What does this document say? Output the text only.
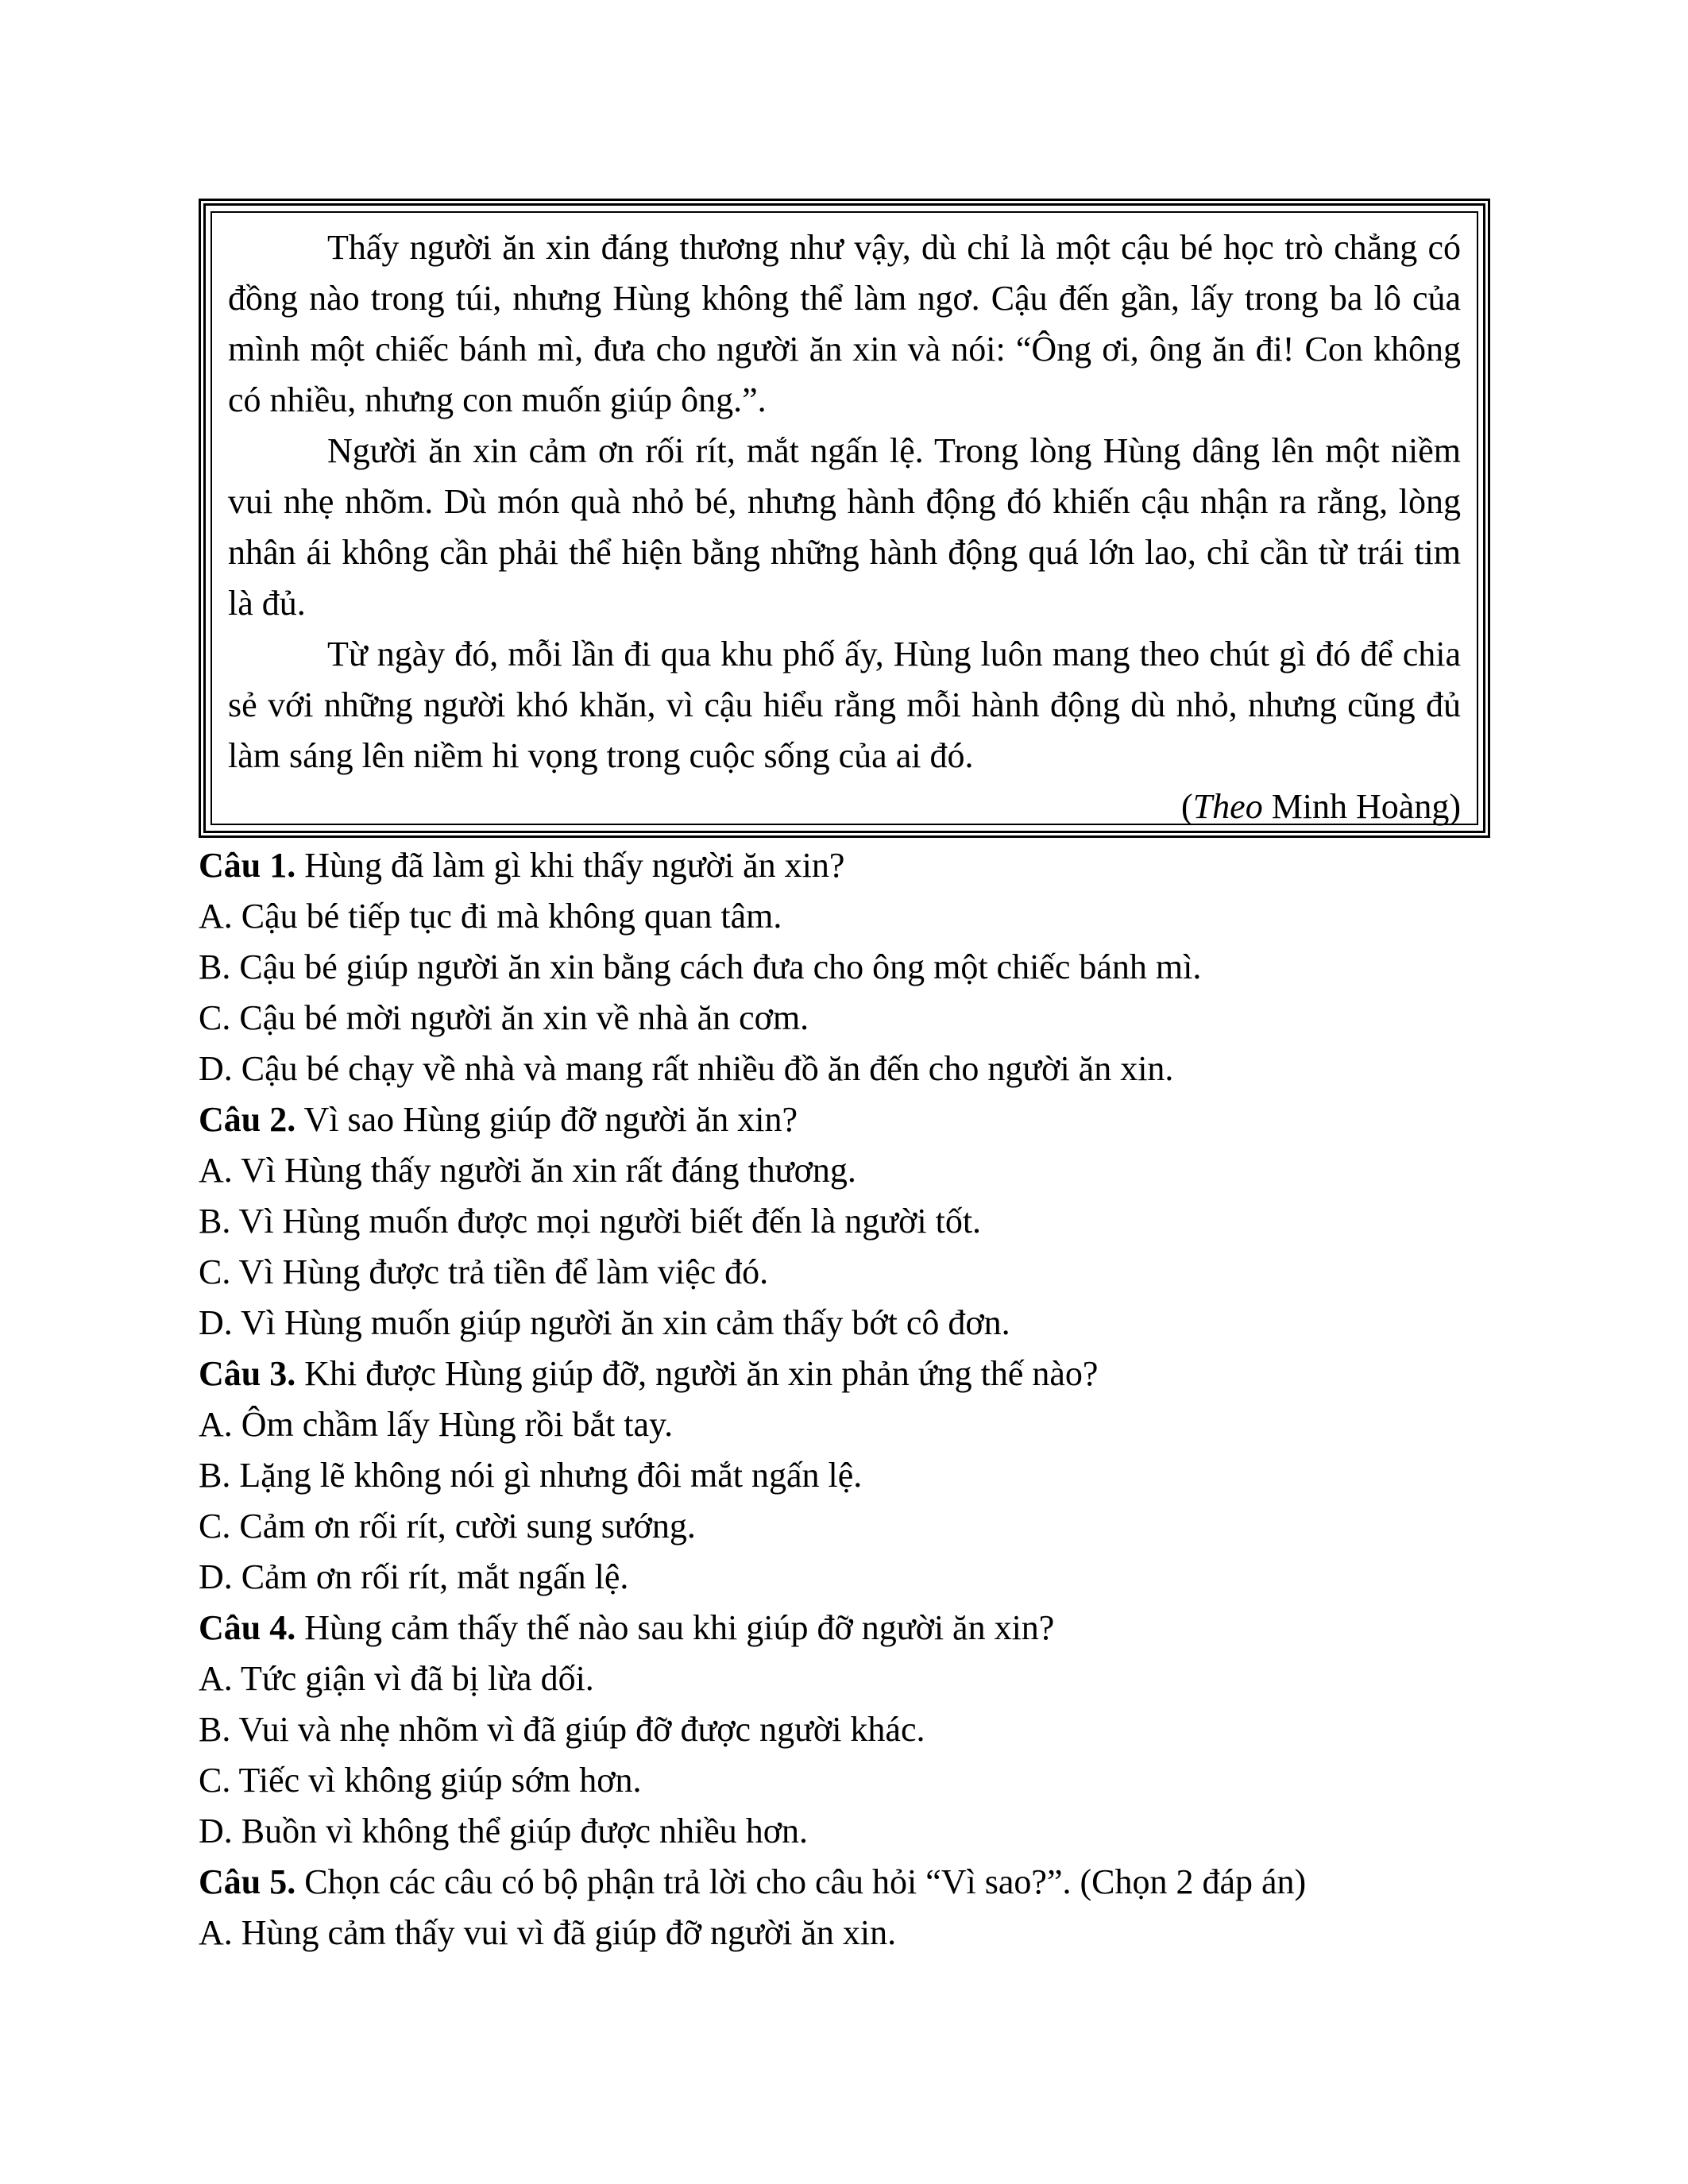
Thấy người ăn xin đáng thương như vậy, dù chỉ là một cậu bé học trò chẳng có đồng nào trong túi, nhưng Hùng không thể làm ngơ. Cậu đến gần, lấy trong ba lô của mình một chiếc bánh mì, đưa cho người ăn xin và nói: “Ông ơi, ông ăn đi! Con không có nhiều, nhưng con muốn giúp ông.”.

Người ăn xin cảm ơn rối rít, mắt ngấn lệ. Trong lòng Hùng dâng lên một niềm vui nhẹ nhõm. Dù món quà nhỏ bé, nhưng hành động đó khiến cậu nhận ra rằng, lòng nhân ái không cần phải thể hiện bằng những hành động quá lớn lao, chỉ cần từ trái tim là đủ.

Từ ngày đó, mỗi lần đi qua khu phố ấy, Hùng luôn mang theo chút gì đó để chia sẻ với những người khó khăn, vì cậu hiểu rằng mỗi hành động dù nhỏ, nhưng cũng đủ làm sáng lên niềm hi vọng trong cuộc sống của ai đó.

(Theo Minh Hoàng)

Câu 1. Hùng đã làm gì khi thấy người ăn xin?

A. Cậu bé tiếp tục đi mà không quan tâm.

B. Cậu bé giúp người ăn xin bằng cách đưa cho ông một chiếc bánh mì.

C. Cậu bé mời người ăn xin về nhà ăn cơm.

D. Cậu bé chạy về nhà và mang rất nhiều đồ ăn đến cho người ăn xin.

Câu 2. Vì sao Hùng giúp đỡ người ăn xin?

A. Vì Hùng thấy người ăn xin rất đáng thương.

B. Vì Hùng muốn được mọi người biết đến là người tốt.

C. Vì Hùng được trả tiền để làm việc đó.

D. Vì Hùng muốn giúp người ăn xin cảm thấy bớt cô đơn.

Câu 3. Khi được Hùng giúp đỡ, người ăn xin phản ứng thế nào?

A. Ôm chầm lấy Hùng rồi bắt tay.

B. Lặng lẽ không nói gì nhưng đôi mắt ngấn lệ.

C. Cảm ơn rối rít, cười sung sướng.

D. Cảm ơn rối rít, mắt ngấn lệ.

Câu 4. Hùng cảm thấy thế nào sau khi giúp đỡ người ăn xin?

A. Tức giận vì đã bị lừa dối.

B. Vui và nhẹ nhõm vì đã giúp đỡ được người khác.

C. Tiếc vì không giúp sớm hơn.

D. Buồn vì không thể giúp được nhiều hơn.

Câu 5. Chọn các câu có bộ phận trả lời cho câu hỏi “Vì sao?”. (Chọn 2 đáp án)

A. Hùng cảm thấy vui vì đã giúp đỡ người ăn xin.
